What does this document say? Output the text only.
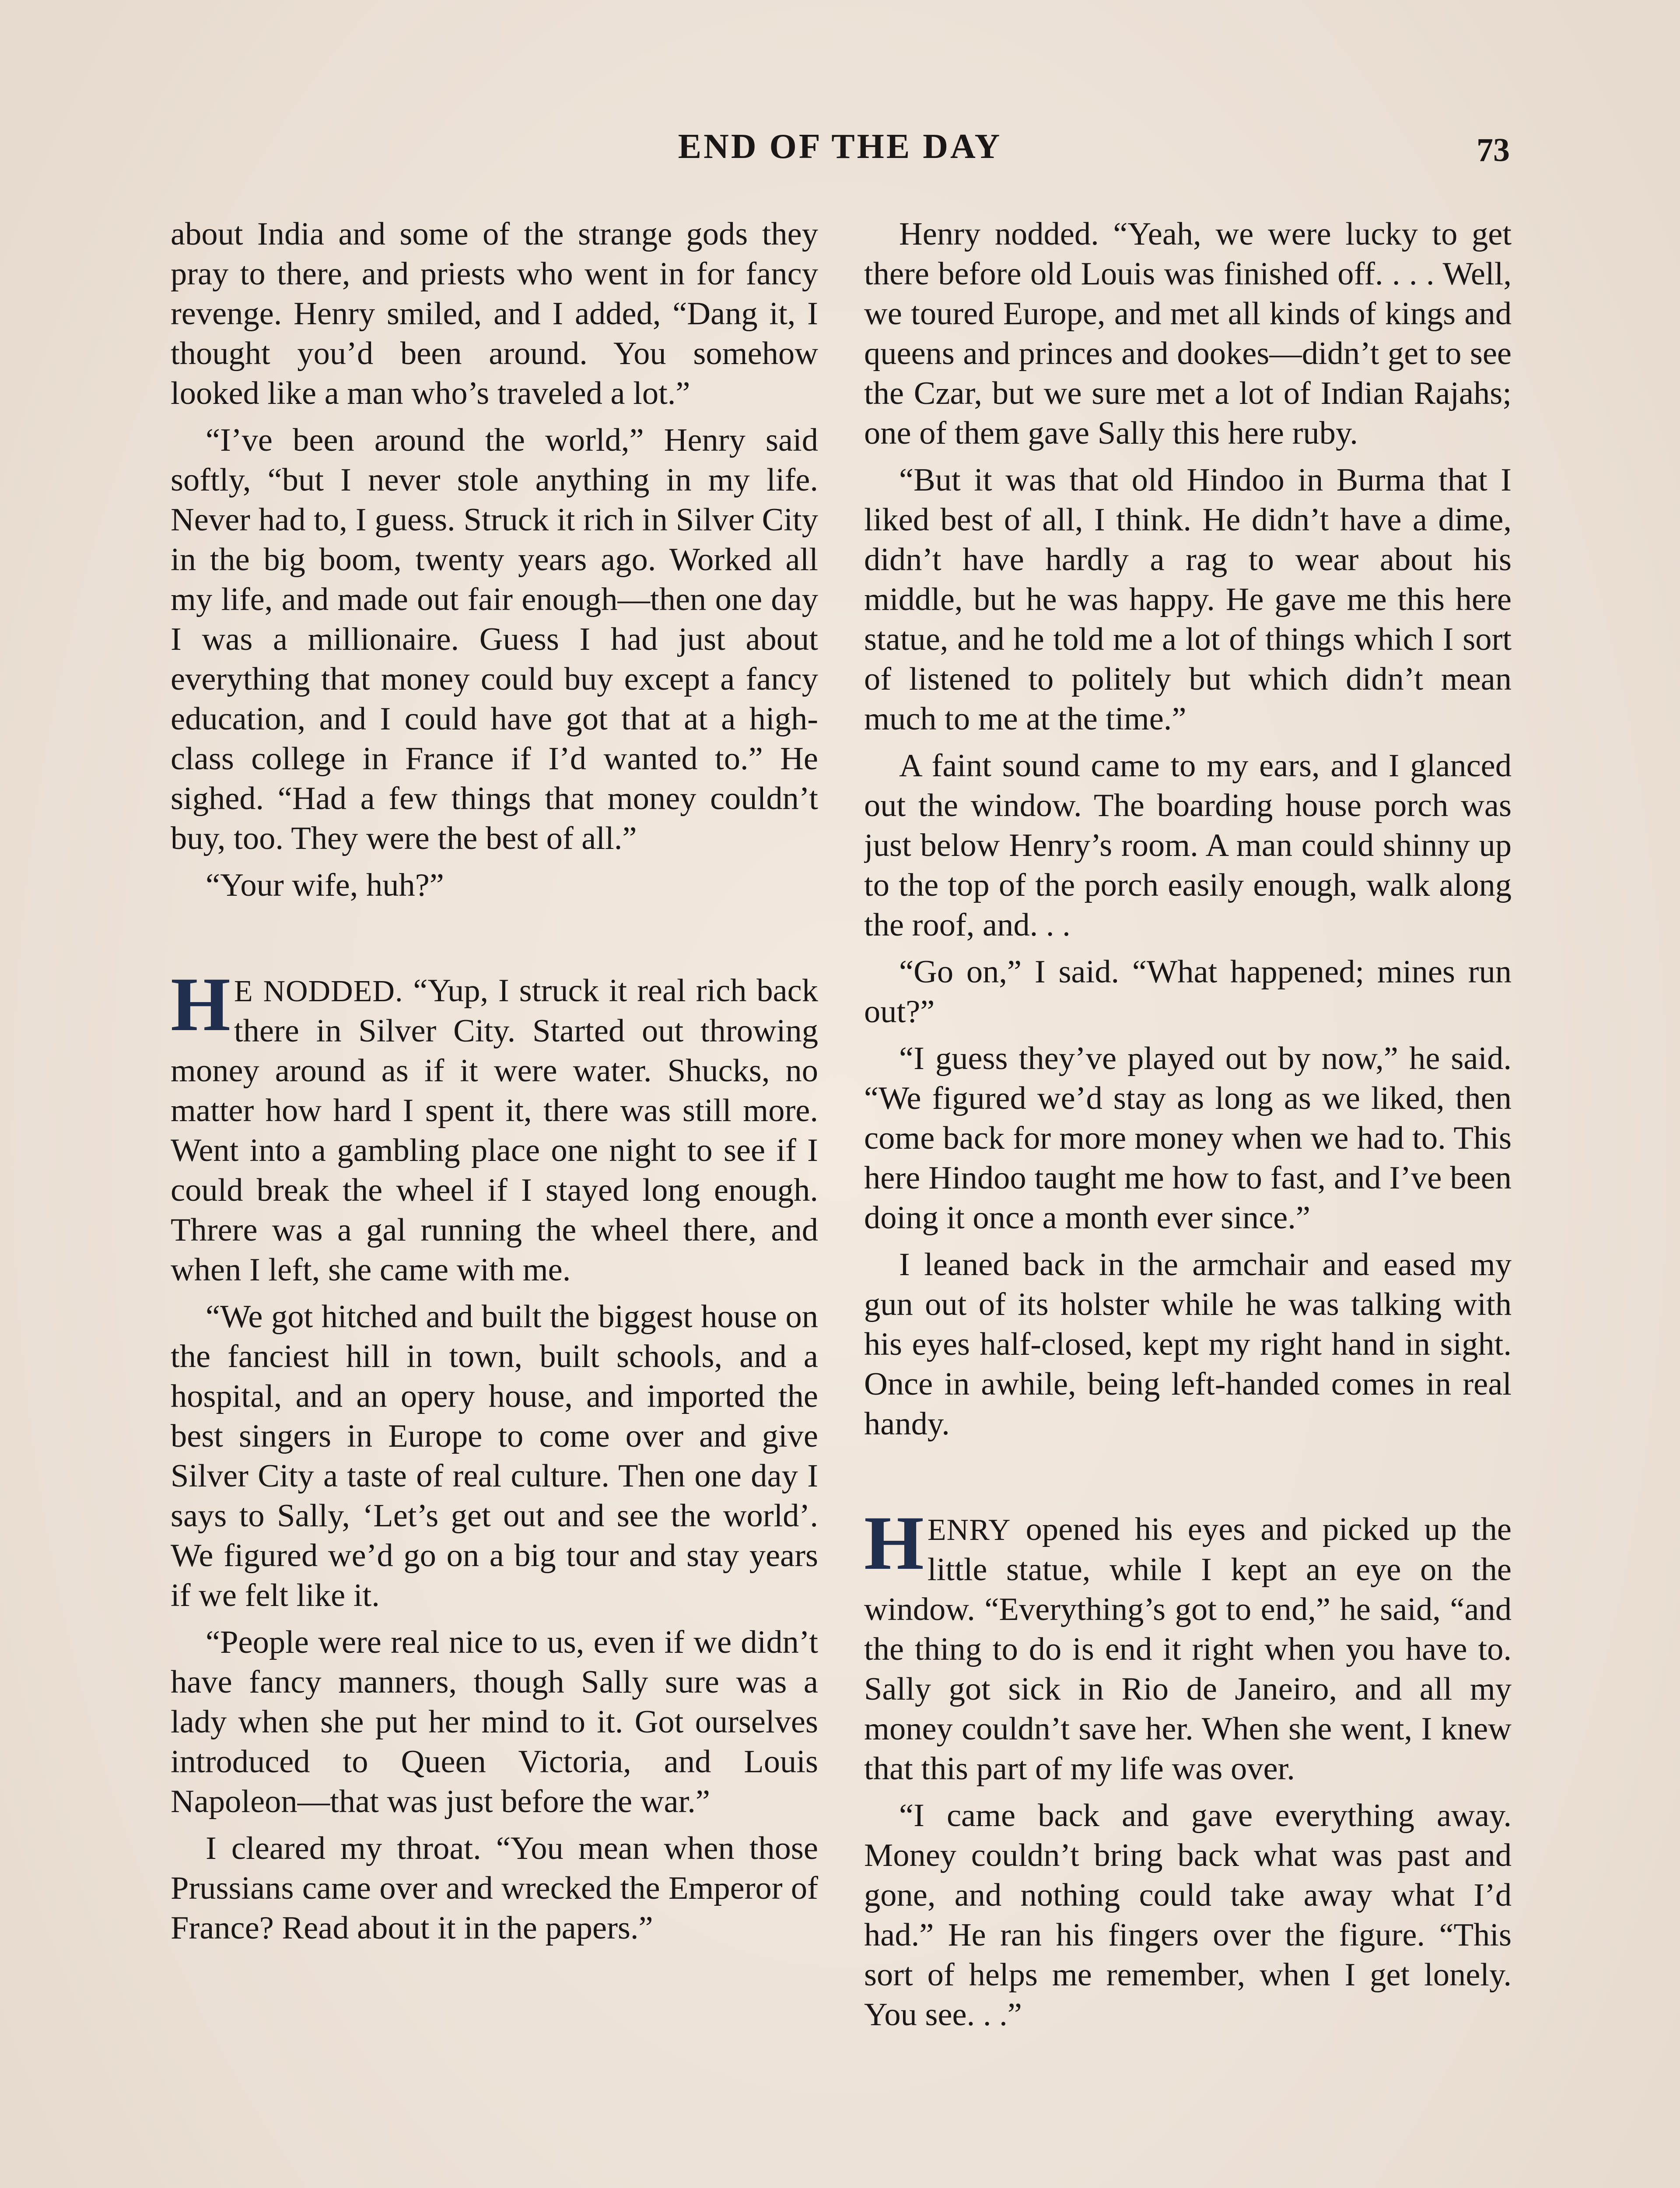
END OF THE DAY	73

about India and some of the strange gods they pray to there, and priests who went in for fancy revenge. Henry smiled, and I added, “Dang it, I thought you’d been around. You somehow looked like a man who’s traveled a lot.”

“I’ve been around the world,” Henry said softly, “but I never stole anything in my life. Never had to, I guess. Struck it rich in Silver City in the big boom, twenty years ago. Worked all my life, and made out fair enough—then one day I was a millionaire. Guess I had just about everything that money could buy except a fancy education, and I could have got that at a high-class college in France if I’d wanted to.” He sighed. “Had a few things that money couldn’t buy, too. They were the best of all.”

“Your wife, huh?”

H E NODDED. “Yup, I struck it real rich back there in Silver City. Started out throwing money around as if it were water. Shucks, no matter how hard I spent it, there was still more. Went into a gambling place one night to see if I could break the wheel if I stayed long enough. Threre was a gal running the wheel there, and when I left, she came with me.

“We got hitched and built the biggest house on the fanciest hill in town, built schools, and a hospital, and an opery house, and imported the best singers in Europe to come over and give Silver City a taste of real culture. Then one day I says to Sally, ‘Let’s get out and see the world’. We figured we’d go on a big tour and stay years if we felt like it.

“People were real nice to us, even if we didn’t have fancy manners, though Sally sure was a lady when she put her mind to it. Got ourselves introduced to Queen Victoria, and Louis Napoleon—that was just before the war.”

I cleared my throat. “You mean when those Prussians came over and wrecked the Emperor of France? Read about it in the papers.”

Henry nodded. “Yeah, we were lucky to get there before old Louis was finished off. . . . Well, we toured Europe, and met all kinds of kings and queens and princes and dookes—didn’t get to see the Czar, but we sure met a lot of Indian Rajahs; one of them gave Sally this here ruby.

“But it was that old Hindoo in Burma that I liked best of all, I think. He didn’t have a dime, didn’t have hardly a rag to wear about his middle, but he was happy. He gave me this here statue, and he told me a lot of things which I sort of listened to politely but which didn’t mean much to me at the time.”

A faint sound came to my ears, and I glanced out the window. The boarding house porch was just below Henry’s room. A man could shinny up to the top of the porch easily enough, walk along the roof, and. . .

“Go on,” I said. “What happened; mines run out?”

“I guess they’ve played out by now,” he said. “We figured we’d stay as long as we liked, then come back for more money when we had to. This here Hindoo taught me how to fast, and I’ve been doing it once a month ever since.”

I leaned back in the armchair and eased my gun out of its holster while he was talking with his eyes half-closed, kept my right hand in sight. Once in awhile, being left-handed comes in real handy.

HENRY opened his eyes and picked up the little statue, while I kept an eye on the window. “Everything’s got to end,” he said, “and the thing to do is end it right when you have to. Sally got sick in Rio de Janeiro, and all my money couldn’t save her. When she went, I knew that this part of my life was over.

“I came back and gave everything away. Money couldn’t bring back what was past and gone, and nothing could take away what I’d had.” He ran his fingers over the figure. “This sort of helps me remember, when I get lonely. You see. . .”
